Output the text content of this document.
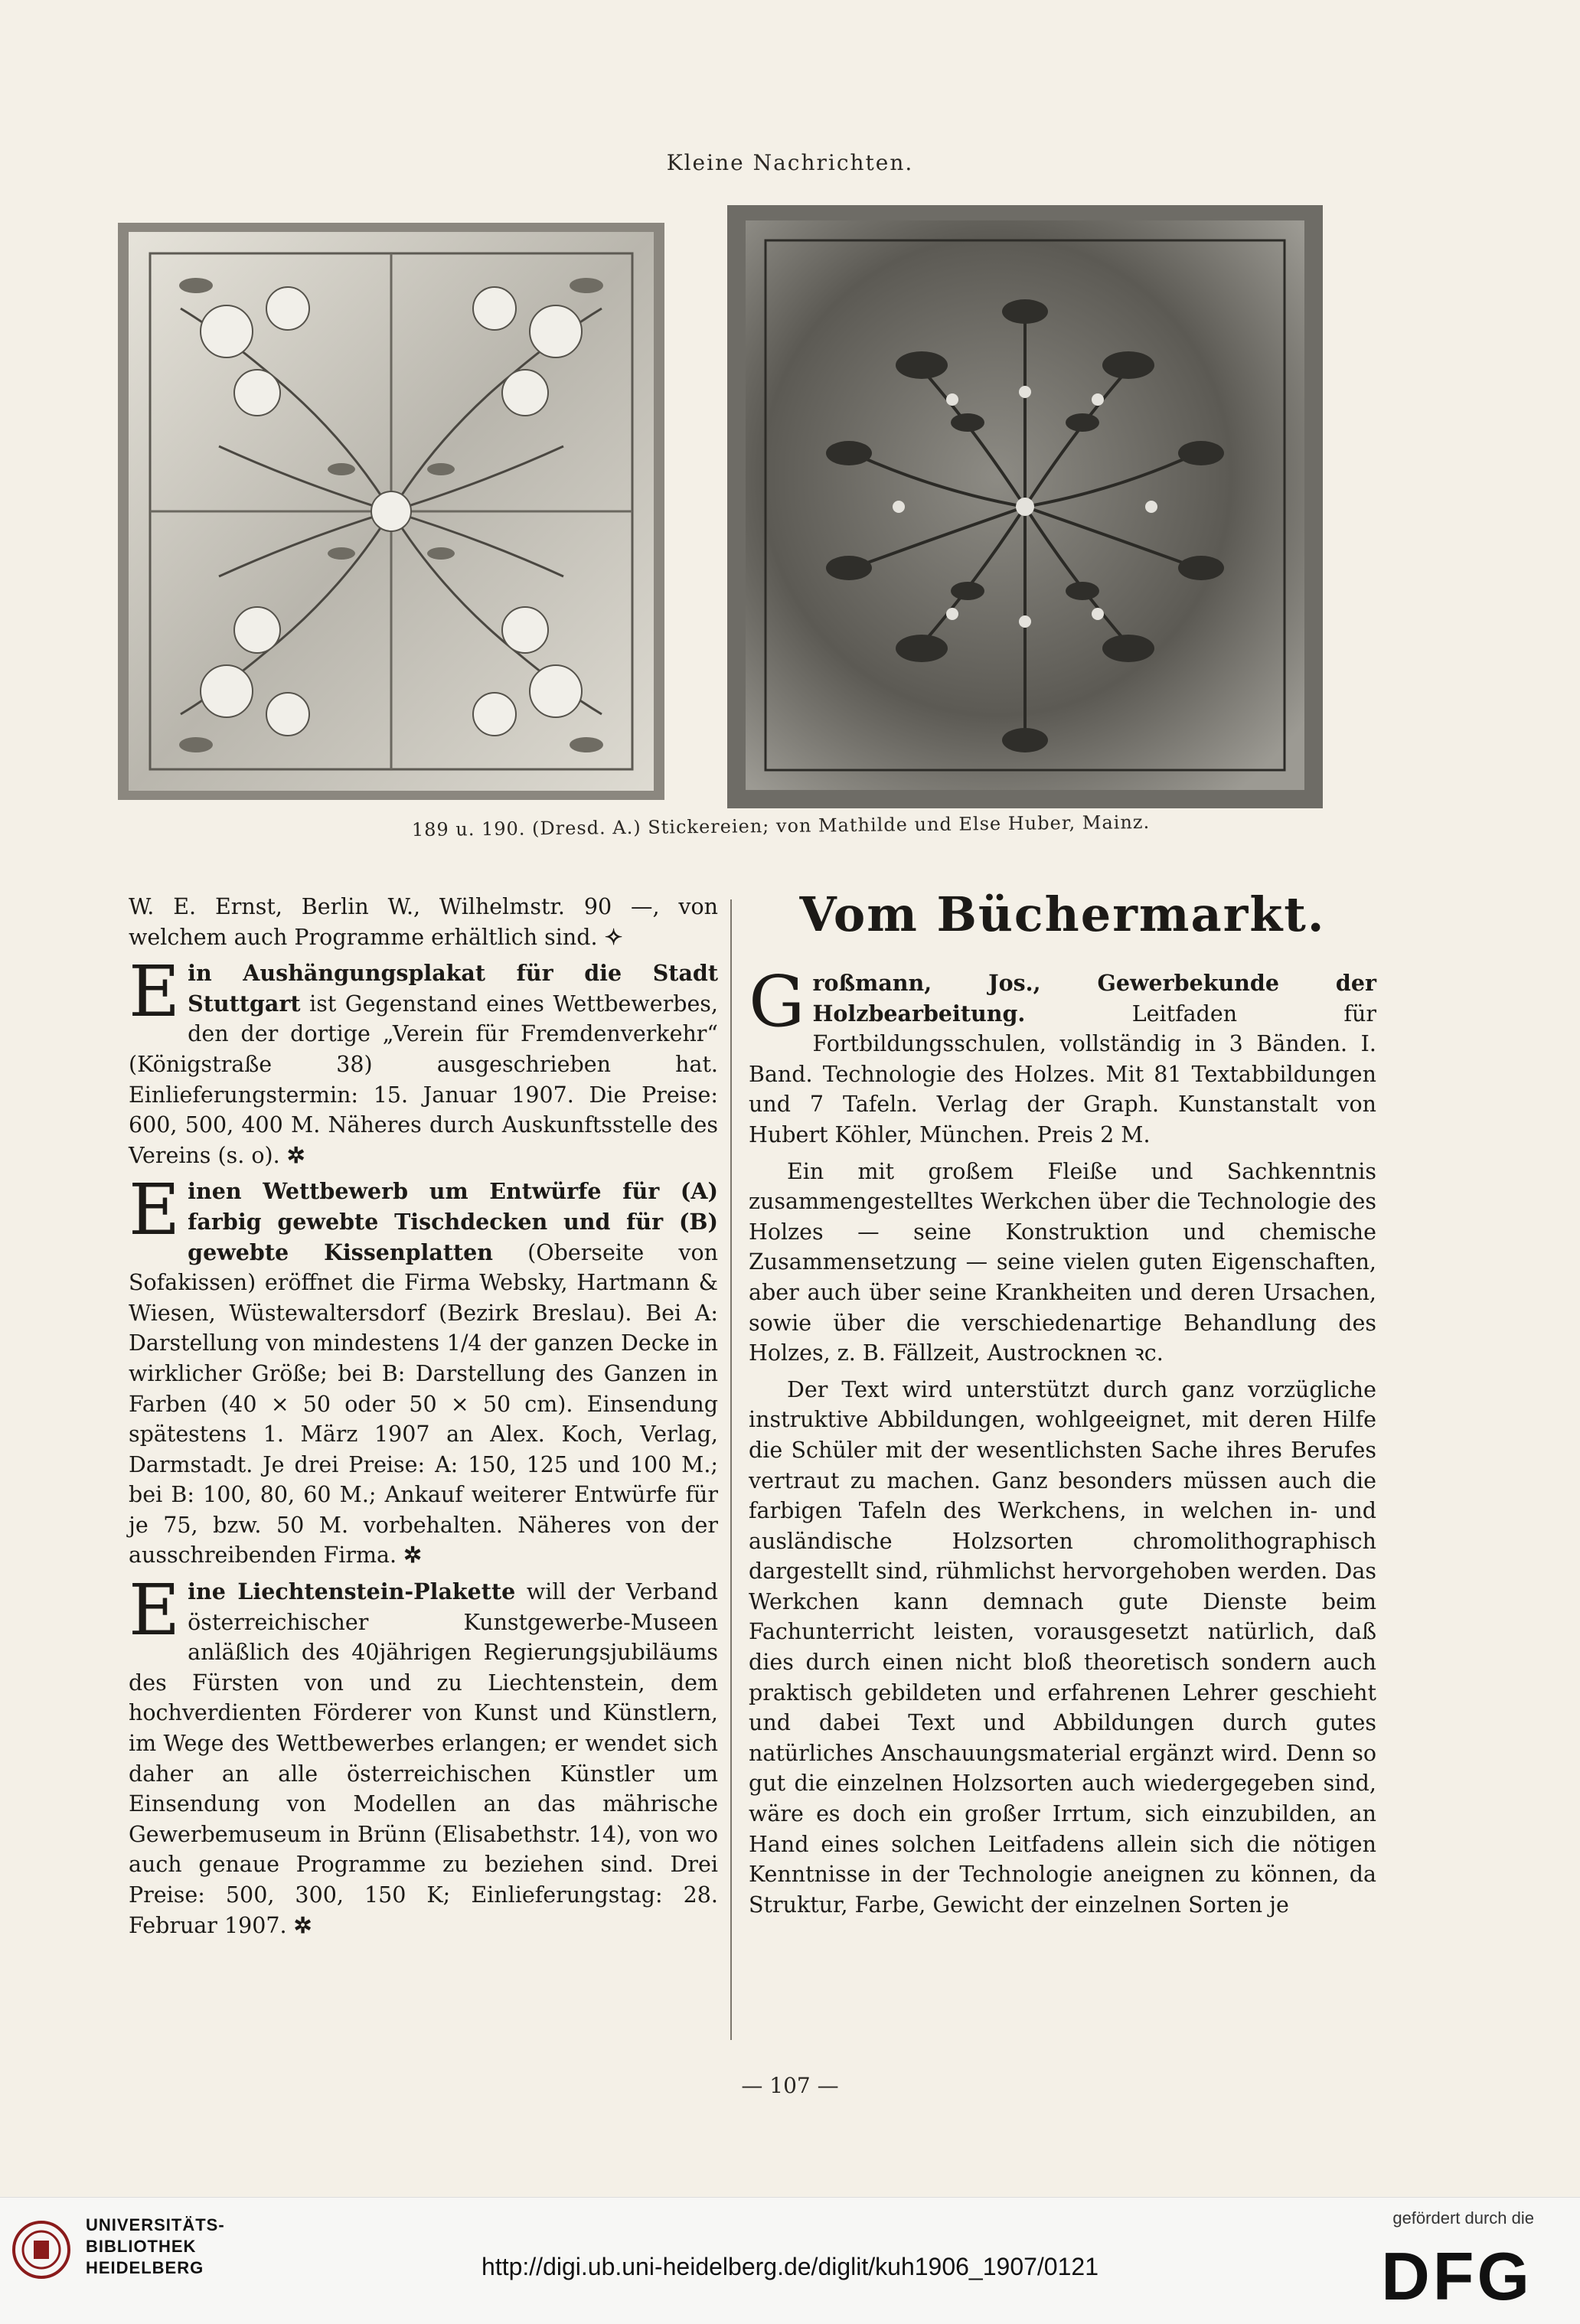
Kleine Nachrichten.
189 u. 190. (Dresd. A.) Stickereien; von Mathilde und Else Huber, Mainz.

W. E. Ernst, Berlin W., Wilhelmstr. 90 —, von welchem auch Programme erhältlich sind. ✧

E in Aushängungsplakat für die Stadt Stuttgart ist Gegenstand eines Wettbewerbes, den der dortige „Verein für Fremdenverkehr“ (Königstraße 38) ausgeschrieben hat. Einlieferungstermin: 15. Januar 1907. Die Preise: 600, 500, 400 M. Näheres durch Auskunftsstelle des Vereins (s. o). ✲

E inen Wettbewerb um Entwürfe für (A) farbig gewebte Tischdecken und für (B) gewebte Kissenplatten (Oberseite von Sofakissen) eröffnet die Firma Websky, Hartmann & Wiesen, Wüstewaltersdorf (Bezirk Breslau). Bei A: Darstellung von mindestens 1/4 der ganzen Decke in wirklicher Größe; bei B: Darstellung des Ganzen in Farben (40 × 50 oder 50 × 50 cm). Einsendung spätestens 1. März 1907 an Alex. Koch, Verlag, Darmstadt. Je drei Preise: A: 150, 125 und 100 M.; bei B: 100, 80, 60 M.; Ankauf weiterer Entwürfe für je 75, bzw. 50 M. vorbehalten. Näheres von der ausschreibenden Firma. ✲

E ine Liechtenstein-Plakette will der Verband österreichischer Kunstgewerbe-Museen anläßlich des 40jährigen Regierungsjubiläums des Fürsten von und zu Liechtenstein, dem hochverdienten Förderer von Kunst und Künstlern, im Wege des Wettbewerbes erlangen; er wendet sich daher an alle österreichischen Künstler um Einsendung von Modellen an das mährische Gewerbemuseum in Brünn (Elisabethstr. 14), von wo auch genaue Programme zu beziehen sind. Drei Preise: 500, 300, 150 K; Einlieferungstag: 28. Februar 1907. ✲

Vom Büchermarkt.

G roßmann, Jos., Gewerbekunde der Holzbearbeitung. Leitfaden für Fortbildungsschulen, vollständig in 3 Bänden. I. Band. Technologie des Holzes. Mit 81 Textabbildungen und 7 Tafeln. Verlag der Graph. Kunstanstalt von Hubert Köhler, München. Preis 2 M.

Ein mit großem Fleiße und Sachkenntnis zusammengestelltes Werkchen über die Technologie des Holzes — seine Konstruktion und chemische Zusammensetzung — seine vielen guten Eigenschaften, aber auch über seine Krankheiten und deren Ursachen, sowie über die verschiedenartige Behandlung des Holzes, z. B. Fällzeit, Austrocknen ꝛc.

Der Text wird unterstützt durch ganz vorzügliche instruktive Abbildungen, wohlgeeignet, mit deren Hilfe die Schüler mit der wesentlichsten Sache ihres Berufes vertraut zu machen. Ganz besonders müssen auch die farbigen Tafeln des Werkchens, in welchen in- und ausländische Holzsorten chromolithographisch dargestellt sind, rühmlichst hervorgehoben werden. Das Werkchen kann demnach gute Dienste beim Fachunterricht leisten, vorausgesetzt natürlich, daß dies durch einen nicht bloß theoretisch sondern auch praktisch gebildeten und erfahrenen Lehrer geschieht und dabei Text und Abbildungen durch gutes natürliches Anschauungsmaterial ergänzt wird. Denn so gut die einzelnen Holzsorten auch wiedergegeben sind, wäre es doch ein großer Irrtum, sich einzubilden, an Hand eines solchen Leitfadens allein sich die nötigen Kenntnisse in der Technologie aneignen zu können, da Struktur, Farbe, Gewicht der einzelnen Sorten je

— 107 —
UNIVERSITÄTS-
BIBLIOTHEK
HEIDELBERG	http://digi.ub.uni-heidelberg.de/diglit/kuh1906_1907/0121
gefördert durch die
DFG
